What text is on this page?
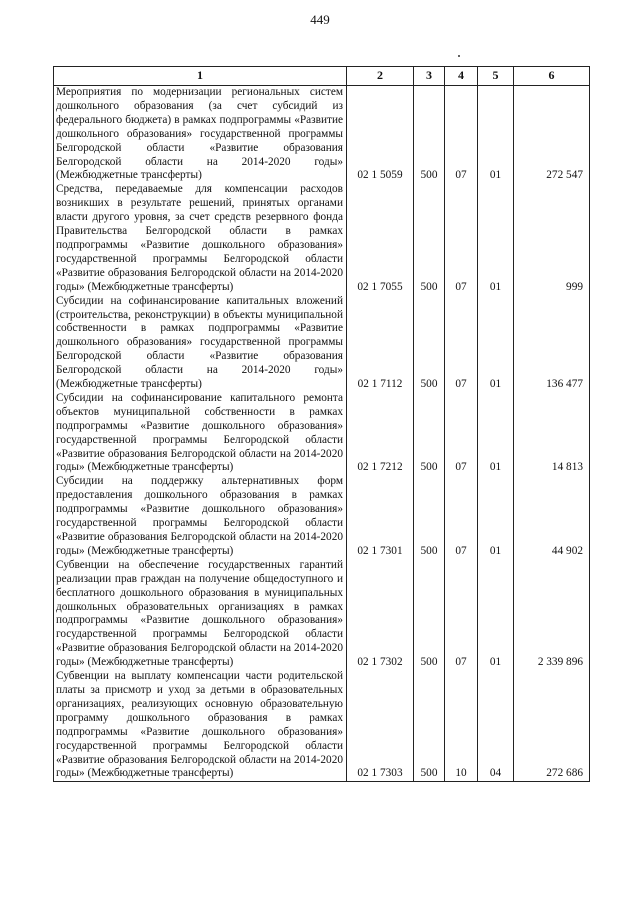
449
1	2	3	4	5	6
Мероприятия по модернизации региональных систем дошкольного образования (за счет субсидий из федерального бюджета) в рамках подпрограммы «Развитие дошкольного образования» государственной программы Белгородской области «Развитие образования Белгородской области на 2014-2020 годы» (Межбюджетные трансферты)	02 1 5059	500	07	01	272 547
Средства, передаваемые для компенсации расходов возникших в результате решений, принятых органами власти другого уровня, за счет средств резервного фонда Правительства Белгородской области в рамках подпрограммы «Развитие дошкольного образования» государственной программы Белгородской области «Развитие образования Белгородской области на 2014-2020 годы» (Межбюджетные трансферты)	02 1 7055	500	07	01	999
Субсидии на софинансирование капитальных вложений (строительства, реконструкции) в объекты муниципальной собственности в рамках подпрограммы «Развитие дошкольного образования» государственной программы Белгородской области «Развитие образования Белгородской области на 2014-2020 годы» (Межбюджетные трансферты)	02 1 7112	500	07	01	136 477
Субсидии на софинансирование капитального ремонта объектов муниципальной собственности в рамках подпрограммы «Развитие дошкольного образования» государственной программы Белгородской области «Развитие образования Белгородской области на 2014-2020 годы» (Межбюджетные трансферты)	02 1 7212	500	07	01	14 813
Субсидии на поддержку альтернативных форм предоставления дошкольного образования в рамках подпрограммы «Развитие дошкольного образования» государственной программы Белгородской области «Развитие образования Белгородской области на 2014-2020 годы» (Межбюджетные трансферты)	02 1 7301	500	07	01	44 902
Субвенции на обеспечение государственных гарантий реализации прав граждан на получение общедоступного и бесплатного дошкольного образования в муниципальных дошкольных образовательных организациях в рамках подпрограммы «Развитие дошкольного образования» государственной программы Белгородской области «Развитие образования Белгородской области на 2014-2020 годы» (Межбюджетные трансферты)	02 1 7302	500	07	01	2 339 896
Субвенции на выплату компенсации части родительской платы за присмотр и уход за детьми в образовательных организациях, реализующих основную образовательную программу дошкольного образования в рамках подпрограммы «Развитие дошкольного образования» государственной программы Белгородской области «Развитие образования Белгородской области на 2014-2020 годы» (Межбюджетные трансферты)	02 1 7303	500	10	04	272 686
